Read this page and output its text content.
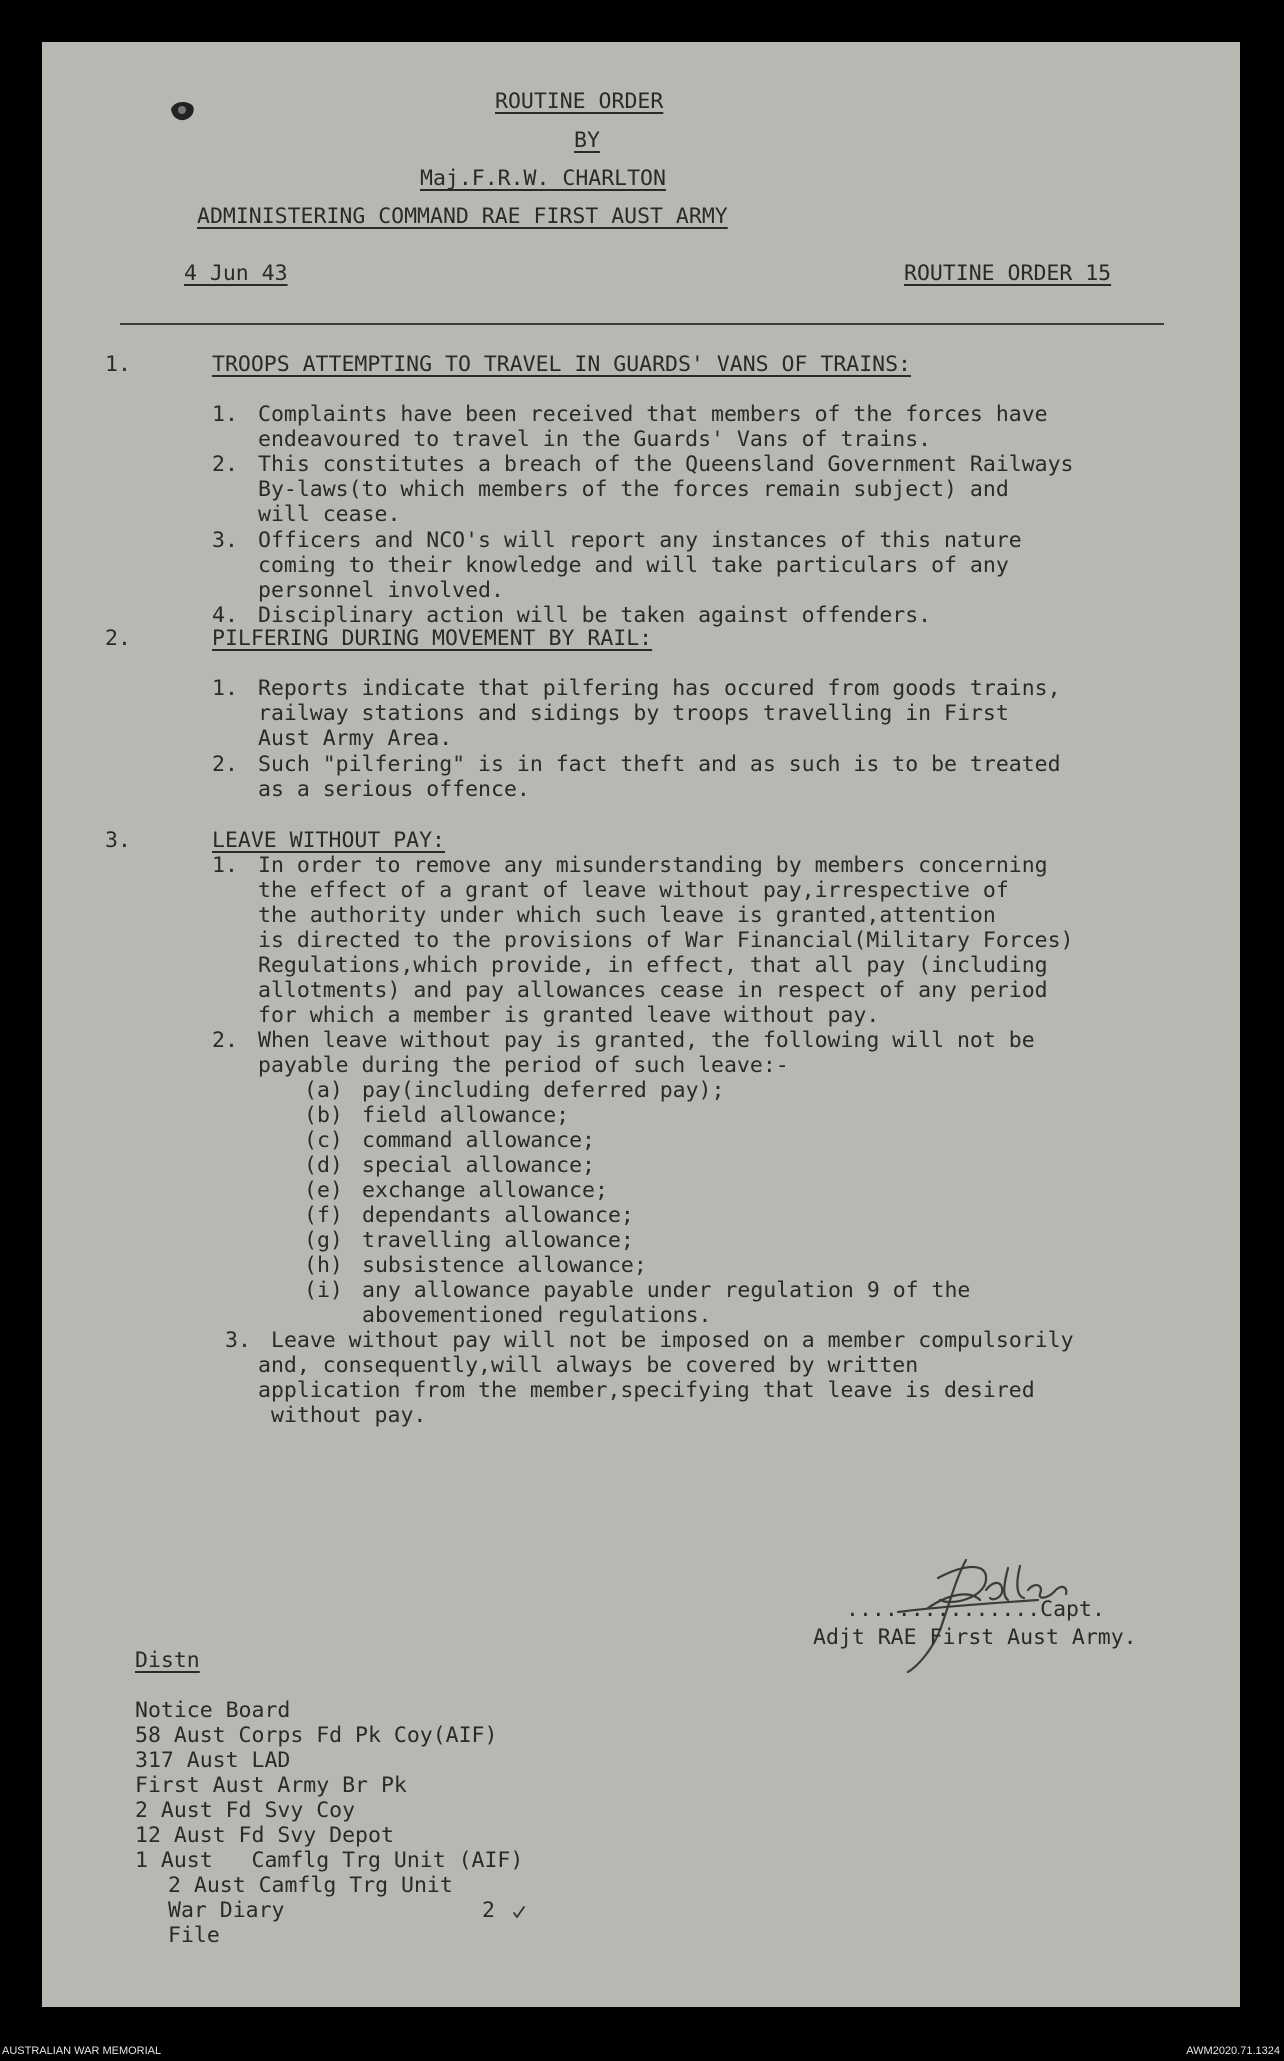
ROUTINE ORDER
BY
Maj.F.R.W. CHARLTON
ADMINISTERING COMMAND RAE FIRST AUST ARMY
4 Jun 43	ROUTINE ORDER 15
1.	TROOPS ATTEMPTING TO TRAVEL IN GUARDS' VANS OF TRAINS:
1. Complaints have been received that members of the forces have
endeavoured to travel in the Guards' Vans of trains.
2. This constitutes a breach of the Queensland Government Railways
By-laws(to which members of the forces remain subject) and
will cease.
3. Officers and NCO's will report any instances of this nature
coming to their knowledge and will take particulars of any
personnel involved.
4. Disciplinary action will be taken against offenders.
2.	PILFERING DURING MOVEMENT BY RAIL:
1. Reports indicate that pilfering has occured from goods trains,
railway stations and sidings by troops travelling in First
Aust Army Area.
2. Such "pilfering" is in fact theft and as such is to be treated
as a serious offence.
3.	LEAVE WITHOUT PAY:
1. In order to remove any misunderstanding by members concerning
the effect of a grant of leave without pay,irrespective of
the authority under which such leave is granted,attention
is directed to the provisions of War Financial(Military Forces)
Regulations,which provide, in effect, that all pay (including
allotments) and pay allowances cease in respect of any period
for which a member is granted leave without pay.
2. When leave without pay is granted, the following will not be
payable during the period of such leave:-
(a) pay(including deferred pay);
(b) field allowance;
(c) command allowance;
(d) special allowance;
(e) exchange allowance;
(f) dependants allowance;
(g) travelling allowance;
(h) subsistence allowance;
(i) any allowance payable under regulation 9 of the
abovementioned regulations.
3. Leave without pay will not be imposed on a member compulsorily
and, consequently,will always be covered by written
application from the member,specifying that leave is desired
without pay.
...............Capt.
Adjt RAE First Aust Army.
Distn
Notice Board
58 Aust Corps Fd Pk Coy(AIF)
317 Aust LAD
First Aust Army Br Pk
2 Aust Fd Svy Coy
12 Aust Fd Svy Depot
1 Aust   Camflg Trg Unit (AIF)
2 Aust Camflg Trg Unit
War Diary	2
File
AUSTRALIAN WAR MEMORIAL	AWM2020.71.1324
